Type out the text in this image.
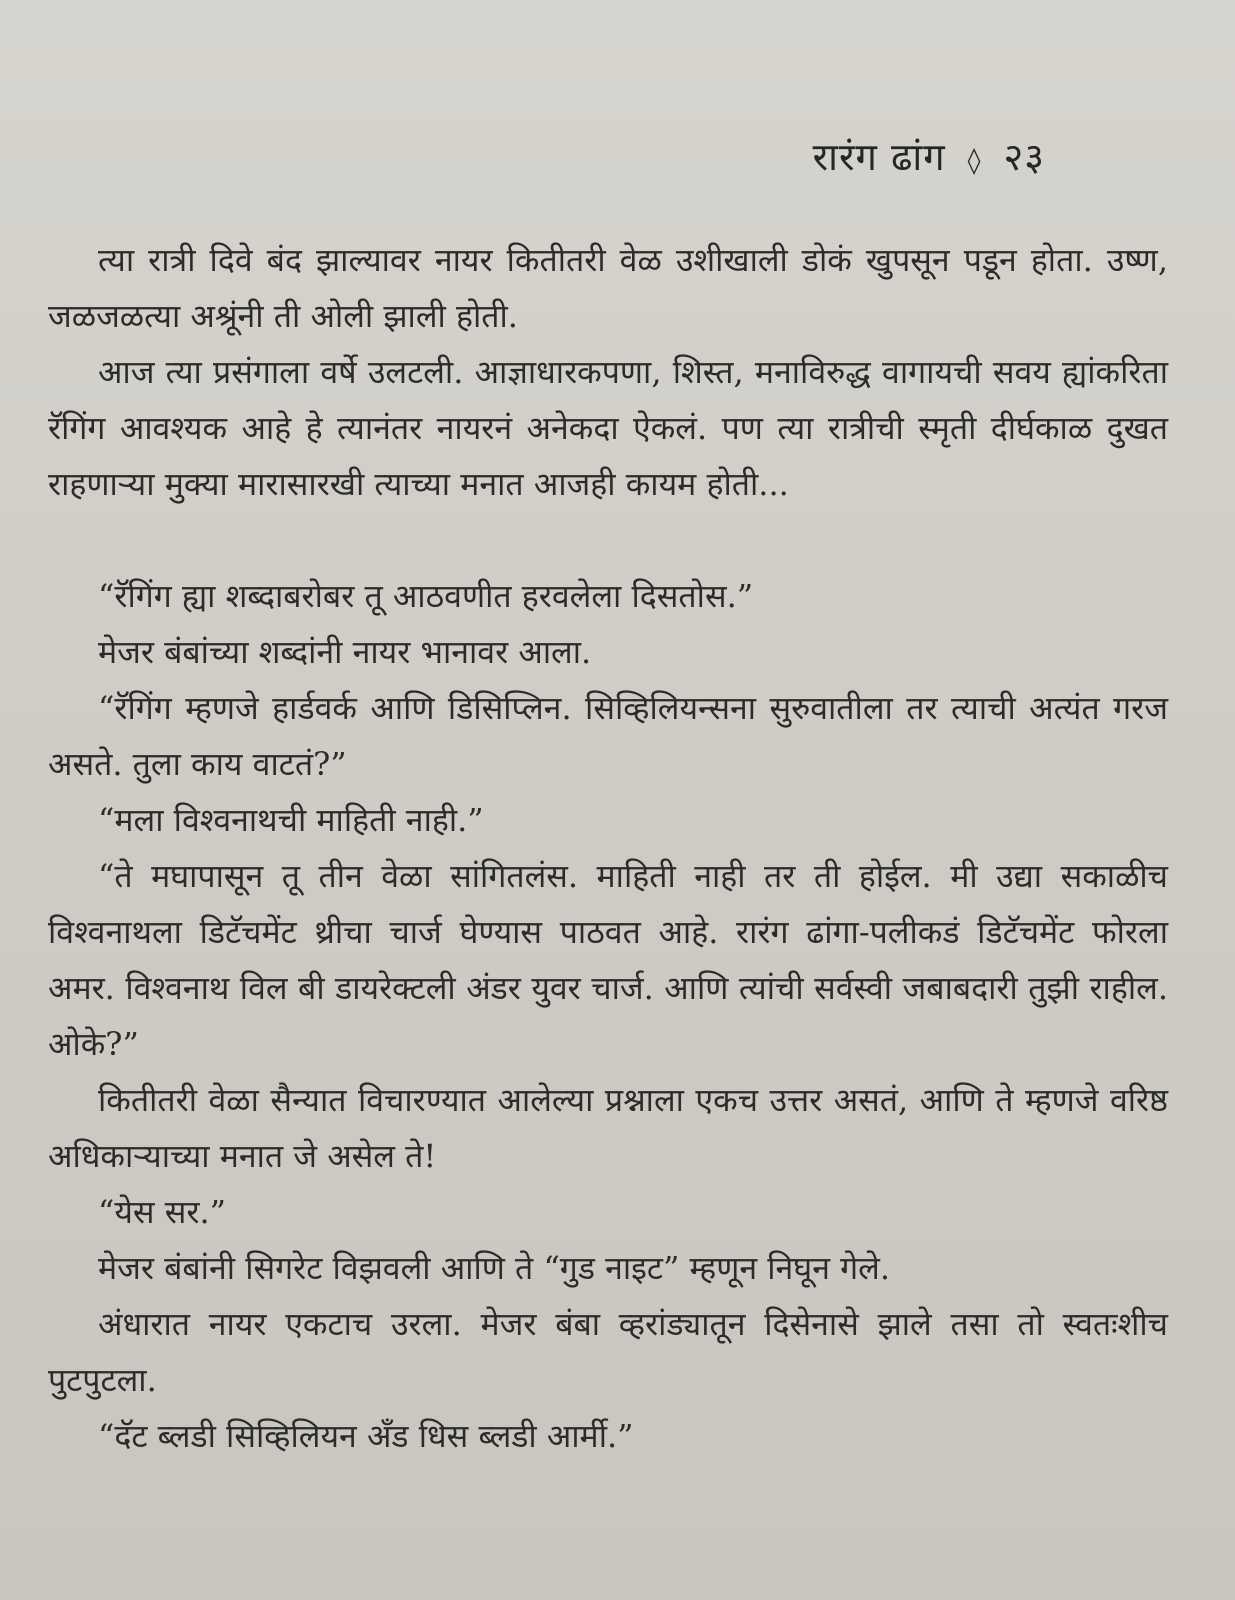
रारंग ढांग ◊ २३

त्या रात्री दिवे बंद झाल्यावर नायर कितीतरी वेळ उशीखाली डोकं खुपसून पडून होता. उष्ण, जळजळत्या अश्रूंनी ती ओली झाली होती.

आज त्या प्रसंगाला वर्षे उलटली. आज्ञाधारकपणा, शिस्त, मनाविरुद्ध वागायची सवय ह्यांकरिता रॅगिंग आवश्यक आहे हे त्यानंतर नायरनं अनेकदा ऐकलं. पण त्या रात्रीची स्मृती दीर्घकाळ दुखत राहणाऱ्या मुक्या मारासारखी त्याच्या मनात आजही कायम होती...

“रॅगिंग ह्या शब्दाबरोबर तू आठवणीत हरवलेला दिसतोस.”

मेजर बंबांच्या शब्दांनी नायर भानावर आला.

“रॅगिंग म्हणजे हार्डवर्क आणि डिसिप्लिन. सिव्हिलियन्सना सुरुवातीला तर त्याची अत्यंत गरज असते. तुला काय वाटतं?”

“मला विश्वनाथची माहिती नाही.”

“ते मघापासून तू तीन वेळा सांगितलंस. माहिती नाही तर ती होईल. मी उद्या सकाळीच विश्वनाथला डिटॅचमेंट थ्रीचा चार्ज घेण्यास पाठवत आहे. रारंग ढांगा-पलीकडं डिटॅचमेंट फोरला अमर. विश्वनाथ विल बी डायरेक्टली अंडर युवर चार्ज. आणि त्यांची सर्वस्वी जबाबदारी तुझी राहील. ओके?”

कितीतरी वेळा सैन्यात विचारण्यात आलेल्या प्रश्नाला एकच उत्तर असतं, आणि ते म्हणजे वरिष्ठ अधिकाऱ्याच्या मनात जे असेल ते!

“येस सर.”

मेजर बंबांनी सिगरेट विझवली आणि ते “गुड नाइट” म्हणून निघून गेले.

अंधारात नायर एकटाच उरला. मेजर बंबा व्हरांड्यातून दिसेनासे झाले तसा तो स्वतःशीच पुटपुटला.

“दॅट ब्लडी सिव्हिलियन अँड धिस ब्लडी आर्मी.”
